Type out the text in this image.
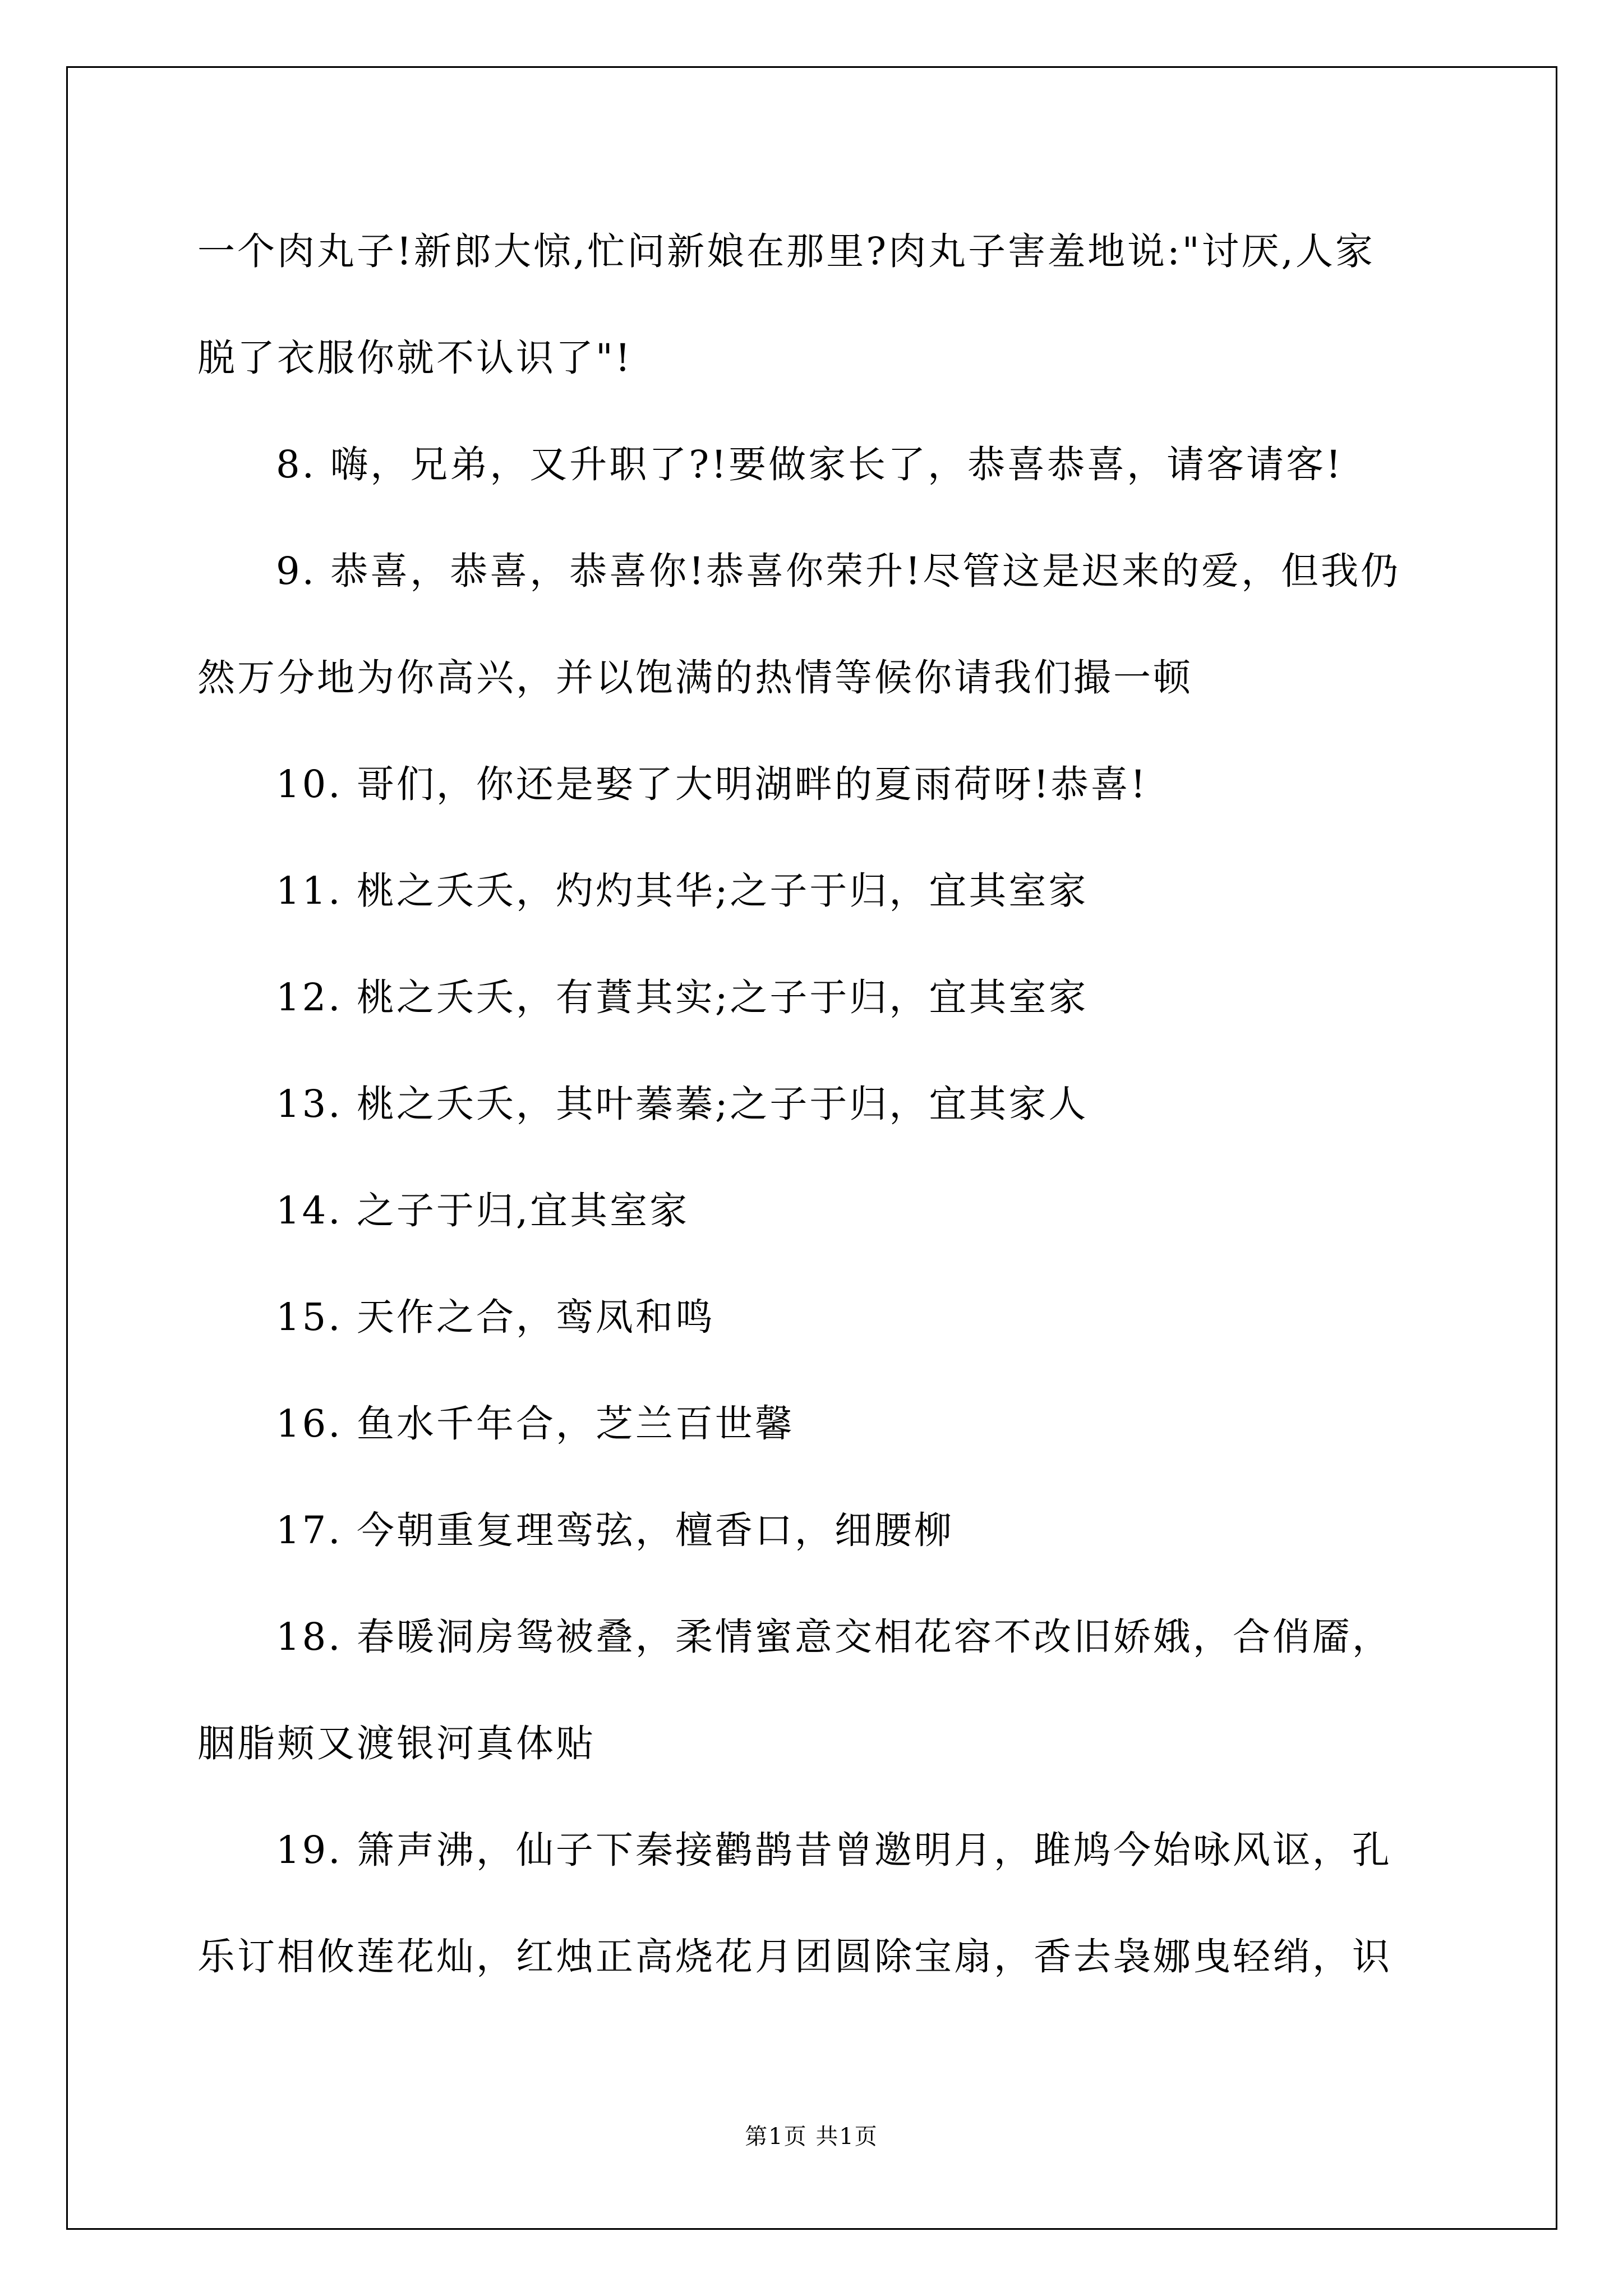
一个肉丸子!新郎大惊,忙问新娘在那里?肉丸子害羞地说:"讨厌,人家
脱了衣服你就不认识了"!
8. 嗨，兄弟，又升职了?!要做家长了，恭喜恭喜，请客请客!
9. 恭喜，恭喜，恭喜你!恭喜你荣升!尽管这是迟来的爱，但我仍
然万分地为你高兴，并以饱满的热情等候你请我们撮一顿
10. 哥们，你还是娶了大明湖畔的夏雨荷呀!恭喜!
11. 桃之夭夭，灼灼其华;之子于归，宜其室家
12. 桃之夭夭，有蕡其实;之子于归，宜其室家
13. 桃之夭夭，其叶蓁蓁;之子于归，宜其家人
14. 之子于归,宜其室家
15. 天作之合，鸾凤和鸣
16. 鱼水千年合，芝兰百世馨
17. 今朝重复理鸾弦，檀香口，细腰柳
18. 春暖洞房鸳被叠，柔情蜜意交相花容不改旧娇娥，合俏靥，
胭脂颊又渡银河真体贴
19. 箫声沸，仙子下秦接鹳鹊昔曾邀明月，雎鸠今始咏风讴，孔
乐订相攸莲花灿，红烛正高烧花月团圆除宝扇，香去袅娜曳轻绡，识
第1页 共1页
